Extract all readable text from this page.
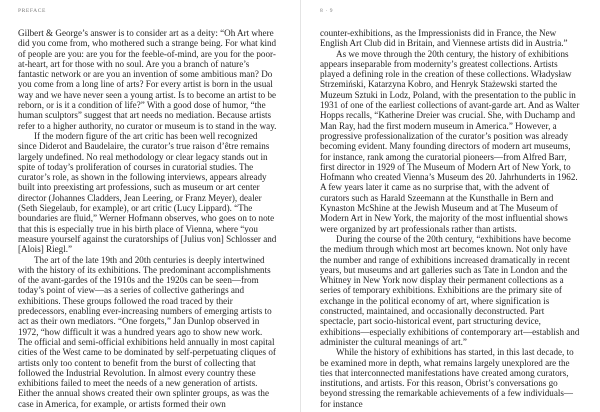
PREFACE	8 · 9

Gilbert & George’s answer is to consider art as a deity: “Oh Art where did you come from, who mothered such a strange being. For what kind of people are you: are you for the feeble-of-mind, are you for the poor-at-heart, art for those with no soul. Are you a branch of nature’s fantastic network or are you an invention of some ambitious man? Do you come from a long line of arts? For every artist is born in the usual way and we have never seen a young artist. Is to become an artist to be reborn, or is it a condition of life?” With a good dose of humor, “the human sculptors” suggest that art needs no mediation. Because artists refer to a higher authority, no curator or museum is to stand in the way.

If the modern figure of the art critic has been well recognized since Diderot and Baudelaire, the curator’s true raison d’être remains largely undefined. No real methodology or clear legacy stands out in spite of today’s proliferation of courses in curatorial studies. The curator’s role, as shown in the following interviews, appears already built into preexisting art professions, such as museum or art center director (Johannes Cladders, Jean Leering, or Franz Meyer), dealer (Seth Siegelaub, for example), or art critic (Lucy Lippard). “The boundaries are fluid,” Werner Hofmann observes, who goes on to note that this is especially true in his birth place of Vienna, where “you measure yourself against the curatorships of [Julius von] Schlosser and [Alois] Riegl.”

The art of the late 19th and 20th centuries is deeply intertwined with the history of its exhibitions. The predominant accomplishments of the avant-gardes of the 1910s and the 1920s can be seen—from today’s point of view—as a series of collective gatherings and exhibitions. These groups followed the road traced by their predecessors, enabling ever-increasing numbers of emerging artists to act as their own mediators. “One forgets,” Jan Dunlop observed in 1972, “how difficult it was a hundred years ago to show new work. The official and semi-official exhibitions held annually in most capital cities of the West came to be dominated by self-perpetuating cliques of artists only too content to benefit from the burst of collecting that followed the Industrial Revolution. In almost every country these exhibitions failed to meet the needs of a new generation of artists. Either the annual shows created their own splinter groups, as was the case in America, for example, or artists formed their own

counter-exhibitions, as the Impressionists did in France, the New English Art Club did in Britain, and Viennese artists did in Austria.”

As we move through the 20th century, the history of exhibitions appears inseparable from modernity’s greatest collections. Artists played a defining role in the creation of these collections. Władysław Strzemiński, Katarzyna Kobro, and Henryk Stażewski started the Muzeum Sztuki in Lodz, Poland, with the presentation to the public in 1931 of one of the earliest collections of avant-garde art. And as Walter Hopps recalls, “Katherine Dreier was crucial. She, with Duchamp and Man Ray, had the first modern museum in America.” However, a progressive professionalization of the curator’s position was already becoming evident. Many founding directors of modern art museums, for instance, rank among the curatorial pioneers—from Alfred Barr, first director in 1929 of The Museum of Modern Art of New York, to Hofmann who created Vienna’s Museum des 20. Jahrhunderts in 1962. A few years later it came as no surprise that, with the advent of curators such as Harald Szeemann at the Kunsthalle in Bern and Kynaston McShine at the Jewish Museum and at The Museum of Modern Art in New York, the majority of the most influential shows were organized by art professionals rather than artists.

During the course of the 20th century, “exhibitions have become the medium through which most art becomes known. Not only have the number and range of exhibitions increased dramatically in recent years, but museums and art galleries such as Tate in London and the Whitney in New York now display their permanent collections as a series of temporary exhibitions. Exhibitions are the primary site of exchange in the political economy of art, where signification is constructed, maintained, and occasionally deconstructed. Part spectacle, part socio-historical event, part structuring device, exhibitions—especially exhibitions of contemporary art—establish and administer the cultural meanings of art.”

While the history of exhibitions has started, in this last decade, to be examined more in depth, what remains largely unexplored are the ties that interconnected manifestations have created among curators, institutions, and artists. For this reason, Obrist’s conversations go beyond stressing the remarkable achievements of a few individuals—for instance
